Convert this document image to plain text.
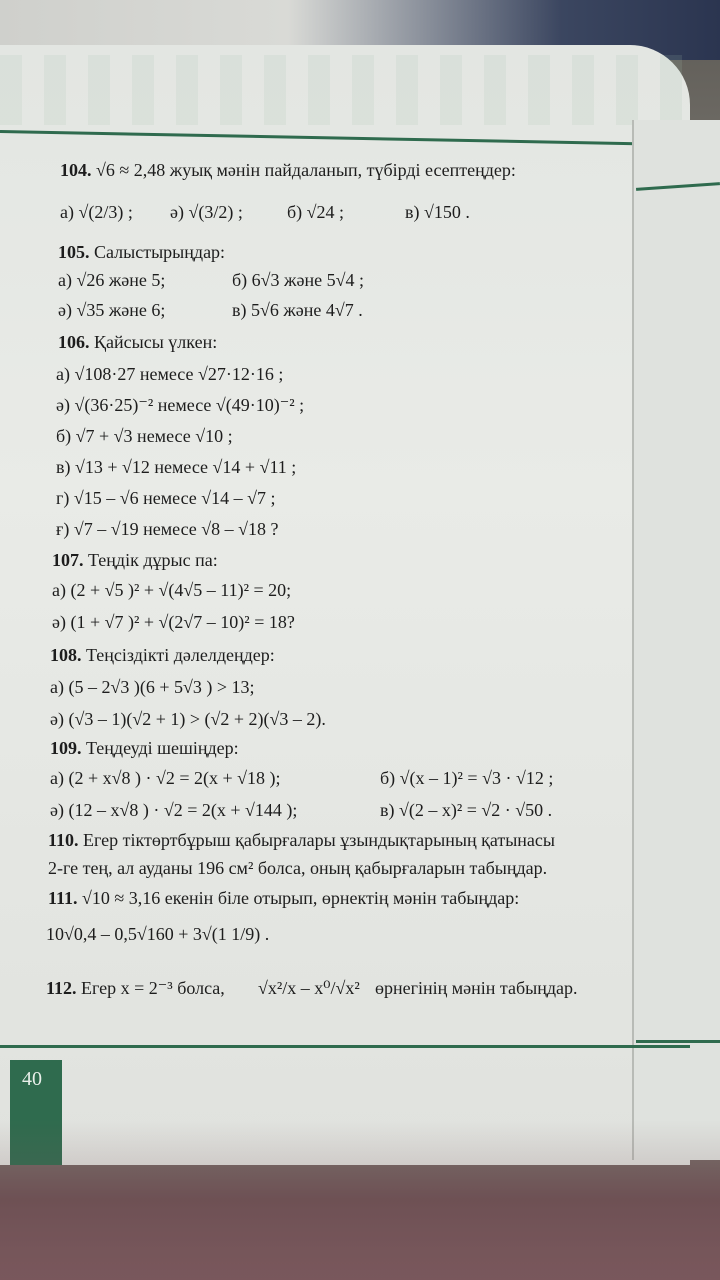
40
104. √6 ≈ 2,48 жуық мәнін пайдаланып, түбірді есептеңдер:
а) √(2/3) ; ә) √(3/2) ; б) √24 ;	в) √150 .
105. Салыстырыңдар:
а) √26 және 5;	б) 6√3 және 5√4 ;
ә) √35 және 6;	в) 5√6 және 4√7 .
106. Қайсысы үлкен:
а) √108·27 немесе √27·12·16 ;
ә) √(36·25)⁻² немесе √(49·10)⁻² ;
б) √7 + √3 немесе √10 ;
в) √13 + √12 немесе √14 + √11 ;
г) √15 – √6 немесе √14 – √7 ;
ғ) √7 – √19 немесе √8 – √18 ?
107. Теңдік дұрыс па:
а) (2 + √5 )² + √(4√5 – 11)² = 20;
ә) (1 + √7 )² + √(2√7 – 10)² = 18?
108. Теңсіздікті дәлелдеңдер:
а) (5 – 2√3 )(6 + 5√3 ) > 13;
ә) (√3 – 1)(√2 + 1) > (√2 + 2)(√3 – 2).
109. Теңдеуді шешіңдер:
а) (2 + x√8 ) · √2 = 2(x + √18 );	б) √(x – 1)² = √3 · √12 ;
ә) (12 – x√8 ) · √2 = 2(x + √144 );	в) √(2 – x)² = √2 · √50 .
110. Егер тіктөртбұрыш қабырғалары ұзындықтарының қатынасы
2-ге тең, ал ауданы 196 см² болса, оның қабырғаларын табыңдар.
111. √10 ≈ 3,16 екенін біле отырып, өрнектің мәнін табыңдар:
10√0,4 – 0,5√160 + 3√(1 1/9) .
112. Егер x = 2⁻³ болса, √x²/x – x⁰/√x² өрнегінің мәнін табыңдар.
